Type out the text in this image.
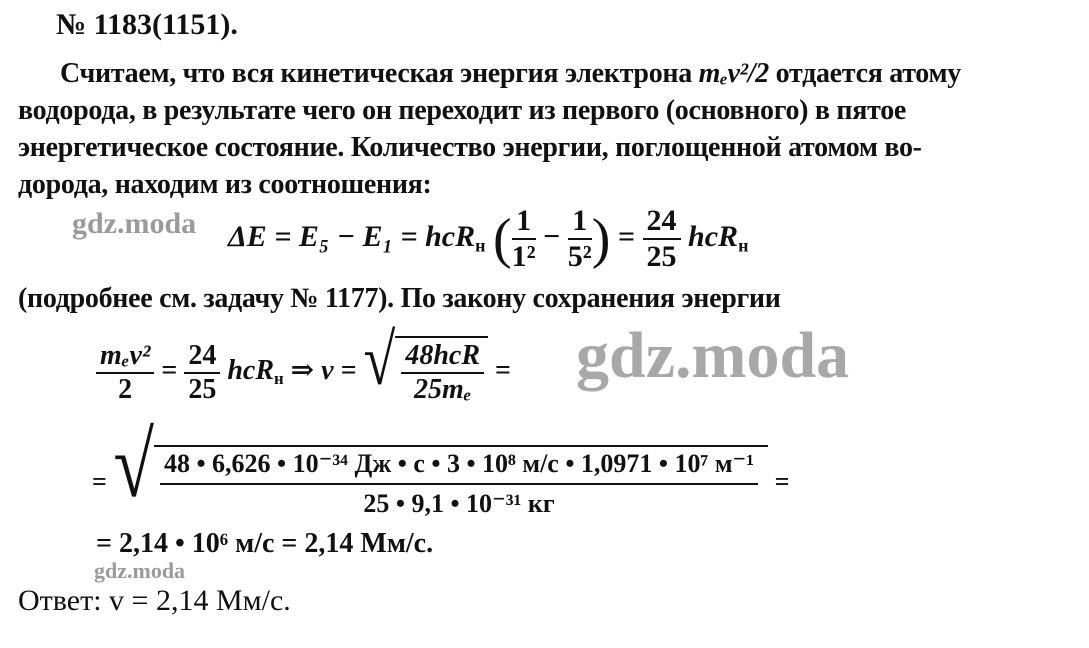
№ 1183(1151).
Считаем, что вся кинетическая энергия электрона mₑv²/2 отдается атому
водорода, в результате чего он переходит из первого (основного) в пятое
энергетическое состояние. Количество энергии, поглощенной атомом во-
дорода, находим из соотношения:
gdz.moda ΔE = E₅ − E₁ = hcR$_н$ ( $\frac{1}{\text{1²}} - \frac{1}{\text{5²}}$ ) = $\frac{24}{25} hcR_н$
(подробнее см. задачу № 1177). По закону сохранения энергии
$\frac{\text{mₑv²}}{2} = \frac{24}{25} hcR_н$ ⇒ v = √ $\frac{\text{48hcR}}{\text{25mₑ}}$ = gdz.moda
= √ $\frac{\text{48 • 6,626 • 10⁻³⁴ Дж • с • 3 • 10⁸ м/с • 1,0971 • 10⁷ м⁻¹}}{\text{25 • 9,1 • 10⁻³¹ кг}}$ =
= 2,14 • 10⁶ м/с = 2,14 Мм/с.
gdz.moda
Ответ: v = 2,14 Мм/с.
